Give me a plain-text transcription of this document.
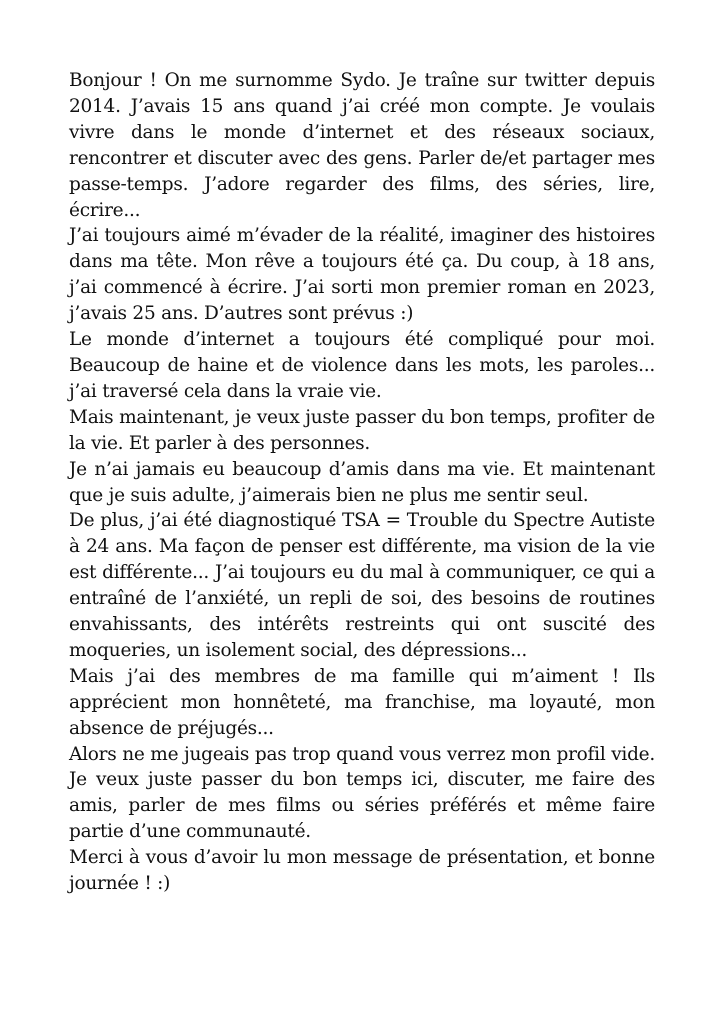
Bonjour ! On me surnomme Sydo. Je traîne sur twitter depuis 2014. J’avais 15 ans quand j’ai créé mon compte. Je voulais vivre dans le monde d’internet et des réseaux sociaux, rencontrer et discuter avec des gens. Parler de/et partager mes passe-temps. J’adore regarder des films, des séries, lire, écrire...

J’ai toujours aimé m’évader de la réalité, imaginer des histoires dans ma tête. Mon rêve a toujours été ça. Du coup, à 18 ans, j’ai commencé à écrire. J’ai sorti mon premier roman en 2023, j’avais 25 ans. D’autres sont prévus :)

Le monde d’internet a toujours été compliqué pour moi. Beaucoup de haine et de violence dans les mots, les paroles... j’ai traversé cela dans la vraie vie.

Mais maintenant, je veux juste passer du bon temps, profiter de la vie. Et parler à des personnes.

Je n’ai jamais eu beaucoup d’amis dans ma vie. Et maintenant que je suis adulte, j’aimerais bien ne plus me sentir seul.

De plus, j’ai été diagnostiqué TSA = Trouble du Spectre Autiste à 24 ans. Ma façon de penser est différente, ma vision de la vie est différente... J’ai toujours eu du mal à communiquer, ce qui a entraîné de l’anxiété, un repli de soi, des besoins de routines envahissants, des intérêts restreints qui ont suscité des moqueries, un isolement social, des dépressions...

Mais j’ai des membres de ma famille qui m’aiment ! Ils apprécient mon honnêteté, ma franchise, ma loyauté, mon absence de préjugés...

Alors ne me jugeais pas trop quand vous verrez mon profil vide. Je veux juste passer du bon temps ici, discuter, me faire des amis, parler de mes films ou séries préférés et même faire partie d’une communauté.

Merci à vous d’avoir lu mon message de présentation, et bonne journée ! :)
